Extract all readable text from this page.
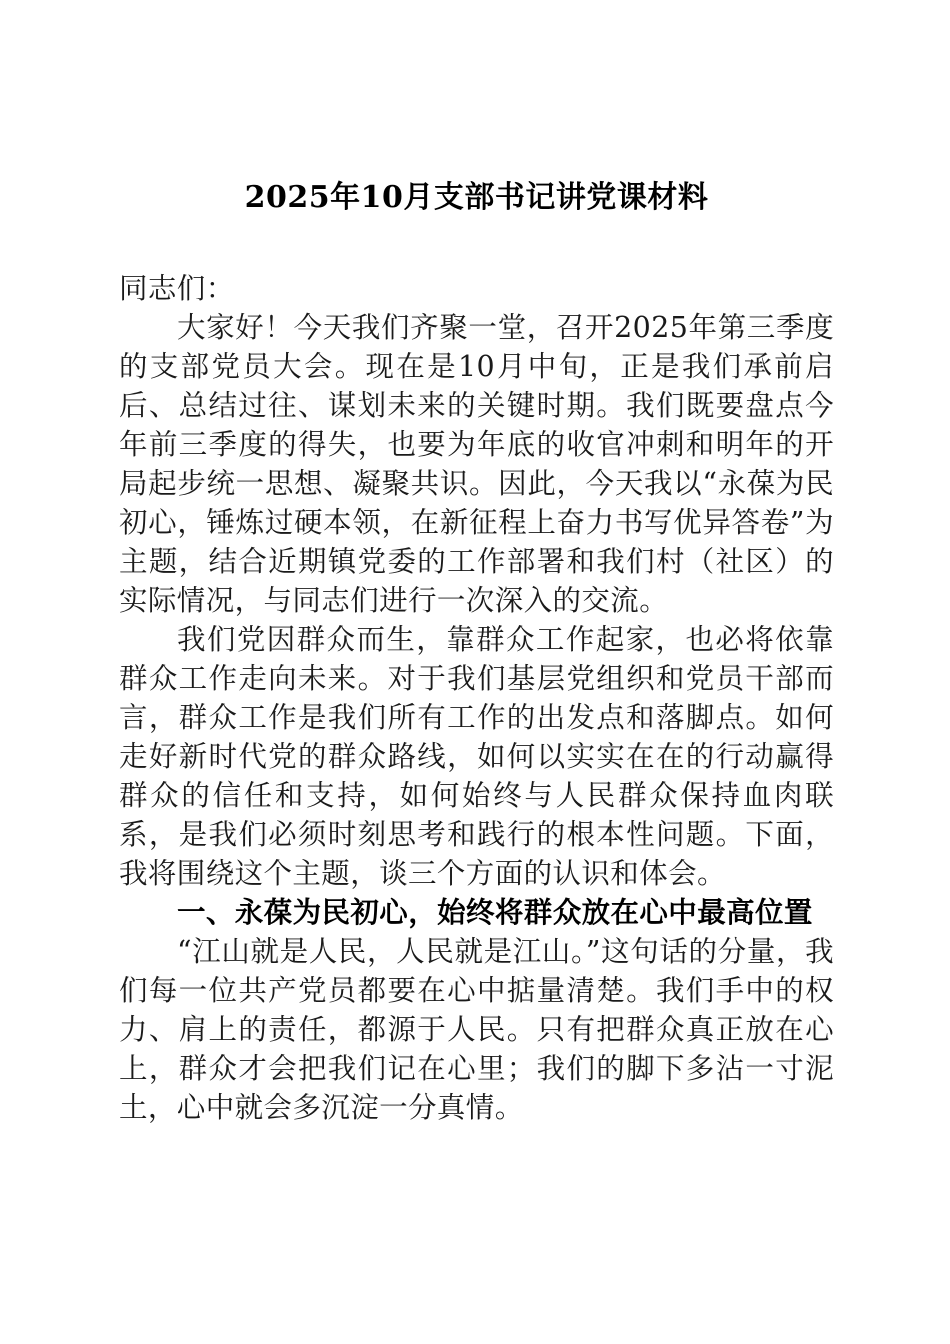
2025年10月支部书记讲党课材料

同志们：

大家好！今天我们齐聚一堂，召开2025年第三季度的支部党员大会。现在是10月中旬，正是我们承前启后、总结过往、谋划未来的关键时期。我们既要盘点今年前三季度的得失，也要为年底的收官冲刺和明年的开局起步统一思想、凝聚共识。因此，今天我以“永葆为民初心，锤炼过硬本领，在新征程上奋力书写优异答卷”为主题，结合近期镇党委的工作部署和我们村（社区）的实际情况，与同志们进行一次深入的交流。

我们党因群众而生，靠群众工作起家，也必将依靠群众工作走向未来。对于我们基层党组织和党员干部而言，群众工作是我们所有工作的出发点和落脚点。如何走好新时代党的群众路线，如何以实实在在的行动赢得群众的信任和支持，如何始终与人民群众保持血肉联系，是我们必须时刻思考和践行的根本性问题。下面，我将围绕这个主题，谈三个方面的认识和体会。

一、永葆为民初心，始终将群众放在心中最高位置

“江山就是人民，人民就是江山。”这句话的分量，我们每一位共产党员都要在心中掂量清楚。我们手中的权力、肩上的责任，都源于人民。只有把群众真正放在心上，群众才会把我们记在心里；我们的脚下多沾一寸泥土，心中就会多沉淀一分真情。
